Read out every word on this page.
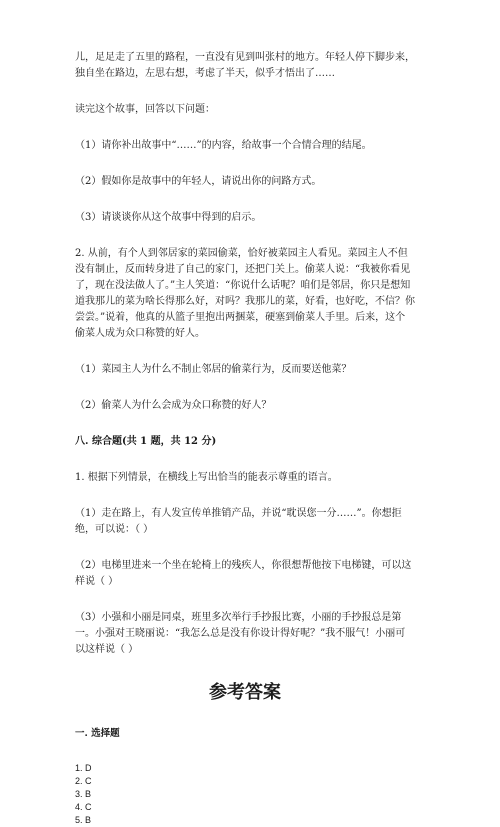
儿，足足走了五里的路程，一直没有见到叫张村的地方。年轻人停下脚步来，独自坐在路边，左思右想，考虑了半天，似乎才悟出了……

读完这个故事，回答以下问题：

（1）请你补出故事中“……”的内容，给故事一个合情合理的结尾。

（2）假如你是故事中的年轻人，请说出你的问路方式。

（3）请谈谈你从这个故事中得到的启示。

2. 从前，有个人到邻居家的菜园偷菜，恰好被菜园主人看见。菜园主人不但没有制止，反而转身进了自己的家门，还把门关上。偷菜人说：“我被你看见了，现在没法做人了。”主人笑道：“你说什么话呢？咱们是邻居，你只是想知道我那儿的菜为啥长得那么好，对吗？我那儿的菜，好看，也好吃，不信？你尝尝。”说着，他真的从篮子里抱出两捆菜，硬塞到偷菜人手里。后来，这个偷菜人成为众口称赞的好人。

（1）菜园主人为什么不制止邻居的偷菜行为，反而要送他菜？

（2）偷菜人为什么会成为众口称赞的好人？

八. 综合题(共 1 题，共 12 分)

1. 根据下列情景，在横线上写出恰当的能表示尊重的语言。

（1）走在路上，有人发宣传单推销产品，并说“耽误您一分……”。你想拒绝，可以说：（ ）

（2）电梯里进来一个坐在轮椅上的残疾人，你很想帮他按下电梯键，可以这样说（ ）

（3）小强和小丽是同桌，班里多次举行手抄报比赛，小丽的手抄报总是第一。小强对王晓丽说：“我怎么总是没有你设计得好呢？”我不服气！小丽可以这样说（ ）

参考答案

一. 选择题

1. D

2. C

3. B

4. C

5. B
